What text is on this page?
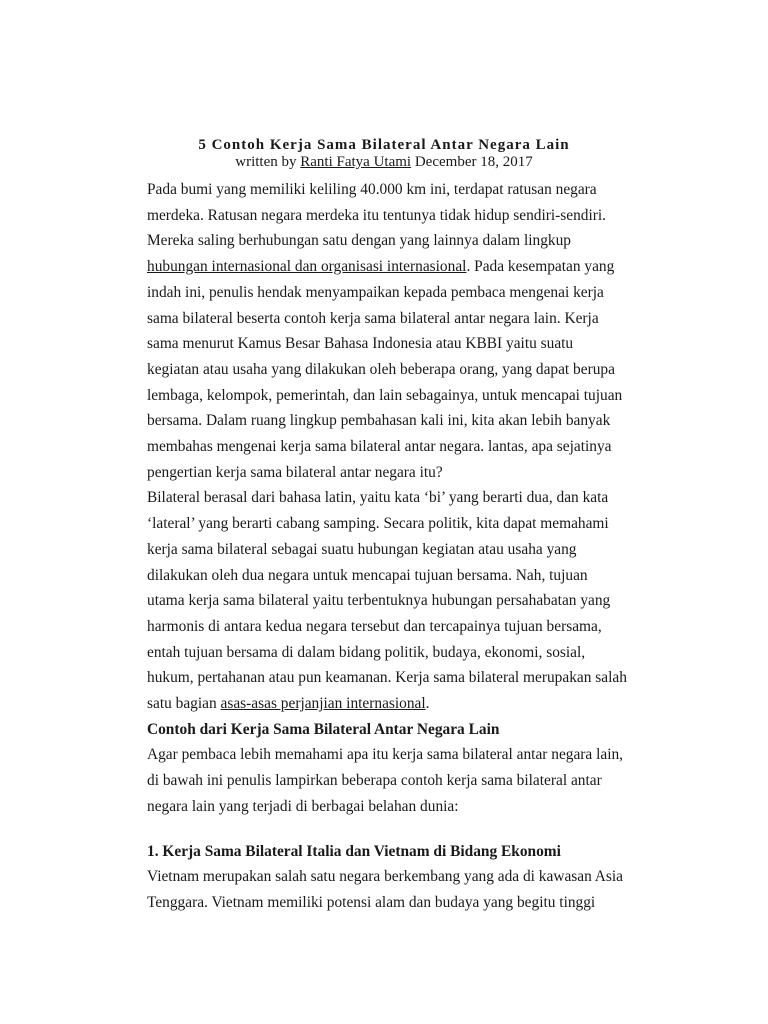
5 Contoh Kerja Sama Bilateral Antar Negara Lain
written by Ranti Fatya Utami December 18, 2017

Pada bumi yang memiliki keliling 40.000 km ini, terdapat ratusan negara merdeka. Ratusan negara merdeka itu tentunya tidak hidup sendiri-sendiri. Mereka saling berhubungan satu dengan yang lainnya dalam lingkup hubungan internasional dan organisasi internasional. Pada kesempatan yang indah ini, penulis hendak menyampaikan kepada pembaca mengenai kerja sama bilateral beserta contoh kerja sama bilateral antar negara lain. Kerja sama menurut Kamus Besar Bahasa Indonesia atau KBBI yaitu suatu kegiatan atau usaha yang dilakukan oleh beberapa orang, yang dapat berupa lembaga, kelompok, pemerintah, dan lain sebagainya, untuk mencapai tujuan bersama. Dalam ruang lingkup pembahasan kali ini, kita akan lebih banyak membahas mengenai kerja sama bilateral antar negara. lantas, apa sejatinya pengertian kerja sama bilateral antar negara itu?

Bilateral berasal dari bahasa latin, yaitu kata ‘bi’ yang berarti dua, dan kata ‘lateral’ yang berarti cabang samping. Secara politik, kita dapat memahami kerja sama bilateral sebagai suatu hubungan kegiatan atau usaha yang dilakukan oleh dua negara untuk mencapai tujuan bersama. Nah, tujuan utama kerja sama bilateral yaitu terbentuknya hubungan persahabatan yang harmonis di antara kedua negara tersebut dan tercapainya tujuan bersama, entah tujuan bersama di dalam bidang politik, budaya, ekonomi, sosial, hukum, pertahanan atau pun keamanan. Kerja sama bilateral merupakan salah satu bagian asas-asas perjanjian internasional.

Contoh dari Kerja Sama Bilateral Antar Negara Lain

Agar pembaca lebih memahami apa itu kerja sama bilateral antar negara lain, di bawah ini penulis lampirkan beberapa contoh kerja sama bilateral antar negara lain yang terjadi di berbagai belahan dunia:

1. Kerja Sama Bilateral Italia dan Vietnam di Bidang Ekonomi

Vietnam merupakan salah satu negara berkembang yang ada di kawasan Asia Tenggara. Vietnam memiliki potensi alam dan budaya yang begitu tinggi
